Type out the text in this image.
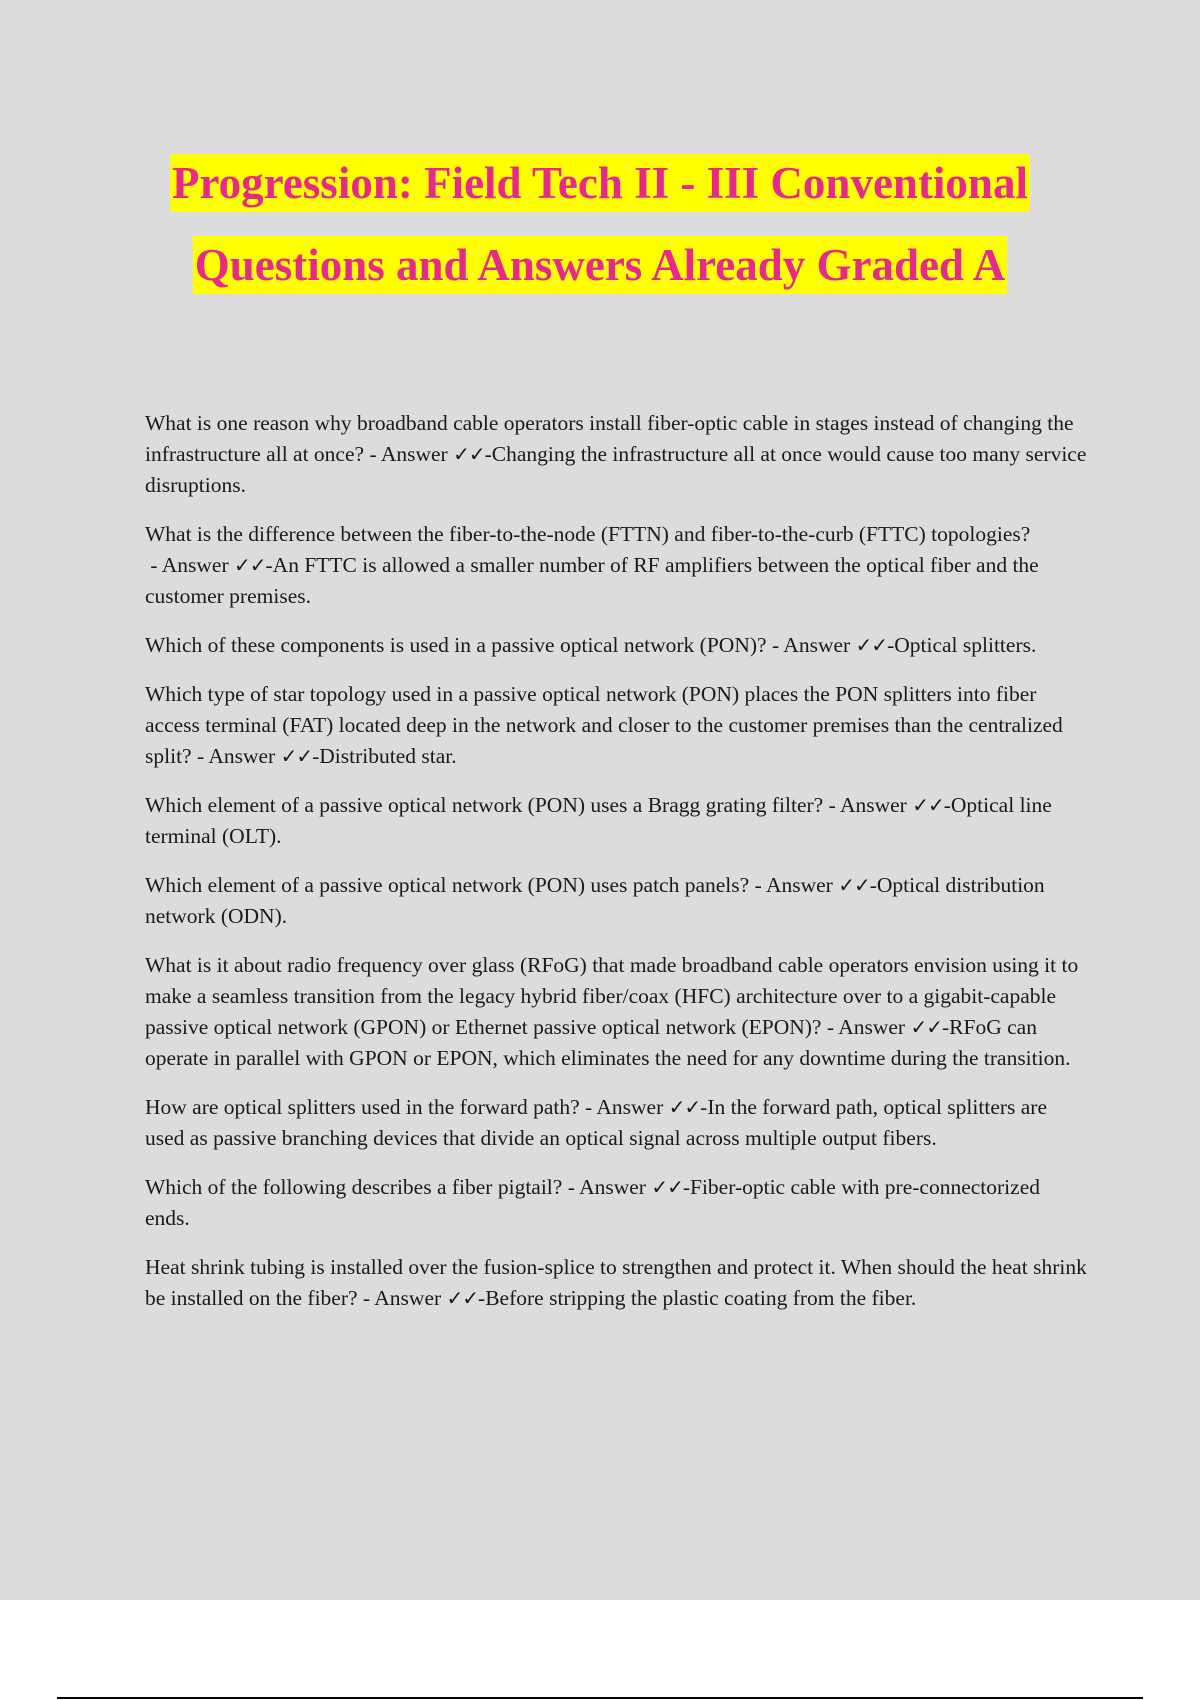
Progression: Field Tech II - III Conventional
Questions and Answers Already Graded A

What is one reason why broadband cable operators install fiber-optic cable in stages instead of changing the infrastructure all at once? - Answer ✓✓-Changing the infrastructure all at once would cause too many service disruptions.

What is the difference between the fiber-to-the-node (FTTN) and fiber-to-the-curb (FTTC) topologies? - Answer ✓✓-An FTTC is allowed a smaller number of RF amplifiers between the optical fiber and the customer premises.

Which of these components is used in a passive optical network (PON)? - Answer ✓✓-Optical splitters.

Which type of star topology used in a passive optical network (PON) places the PON splitters into fiber access terminal (FAT) located deep in the network and closer to the customer premises than the centralized split? - Answer ✓✓-Distributed star.

Which element of a passive optical network (PON) uses a Bragg grating filter? - Answer ✓✓-Optical line terminal (OLT).

Which element of a passive optical network (PON) uses patch panels? - Answer ✓✓-Optical distribution network (ODN).

What is it about radio frequency over glass (RFoG) that made broadband cable operators envision using it to make a seamless transition from the legacy hybrid fiber/coax (HFC) architecture over to a gigabit-capable passive optical network (GPON) or Ethernet passive optical network (EPON)? - Answer ✓✓-RFoG can operate in parallel with GPON or EPON, which eliminates the need for any downtime during the transition.

How are optical splitters used in the forward path? - Answer ✓✓-In the forward path, optical splitters are used as passive branching devices that divide an optical signal across multiple output fibers.

Which of the following describes a fiber pigtail? - Answer ✓✓-Fiber-optic cable with pre-connectorized ends.

Heat shrink tubing is installed over the fusion-splice to strengthen and protect it. When should the heat shrink be installed on the fiber? - Answer ✓✓-Before stripping the plastic coating from the fiber.
